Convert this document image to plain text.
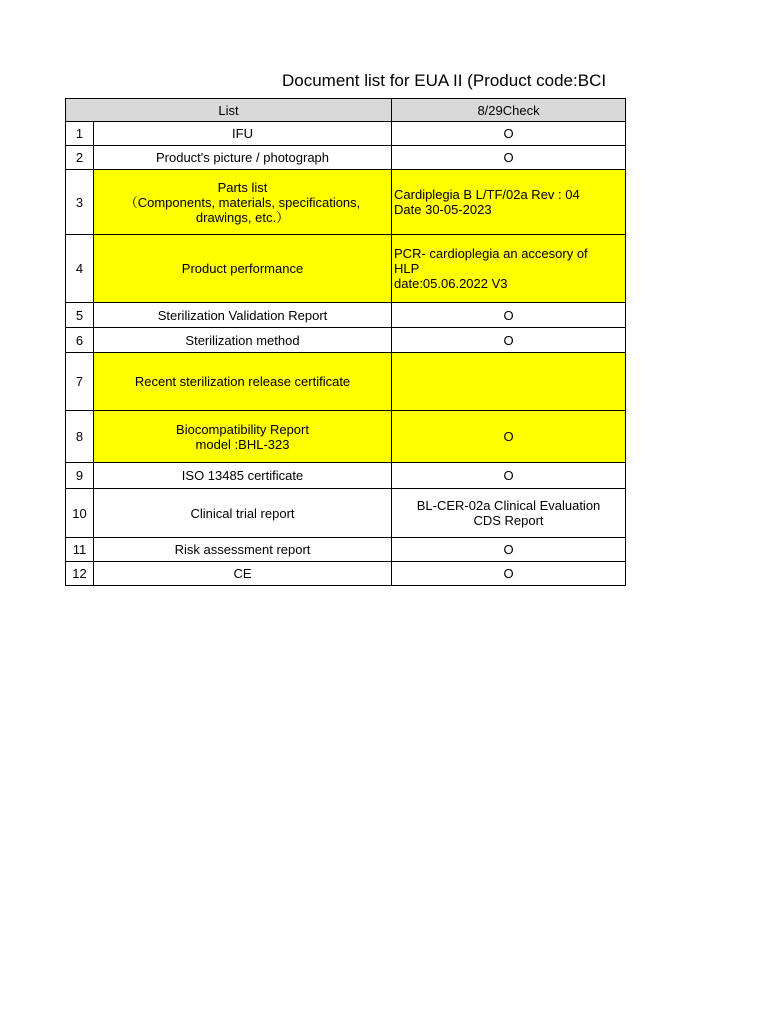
Document list for EUA II (Product code:BCI
List		8/29Check
1	IFU	O
2	Product's picture / photograph	O
3	Parts list
（Components, materials, specifications,
drawings, etc.）	Cardiplegia B L/TF/02a Rev : 04
Date 30-05-2023
4	Product performance	PCR- cardioplegia an accesory of
HLP
date:05.06.2022 V3
5	Sterilization Validation Report	O
6	Sterilization method	O
7	Recent sterilization release certificate	
8	Biocompatibility Report
model :BHL-323	O
9	ISO 13485 certificate	O
10	Clinical trial report	BL-CER-02a Clinical Evaluation
CDS Report
11	Risk assessment report	O
12	CE	O
